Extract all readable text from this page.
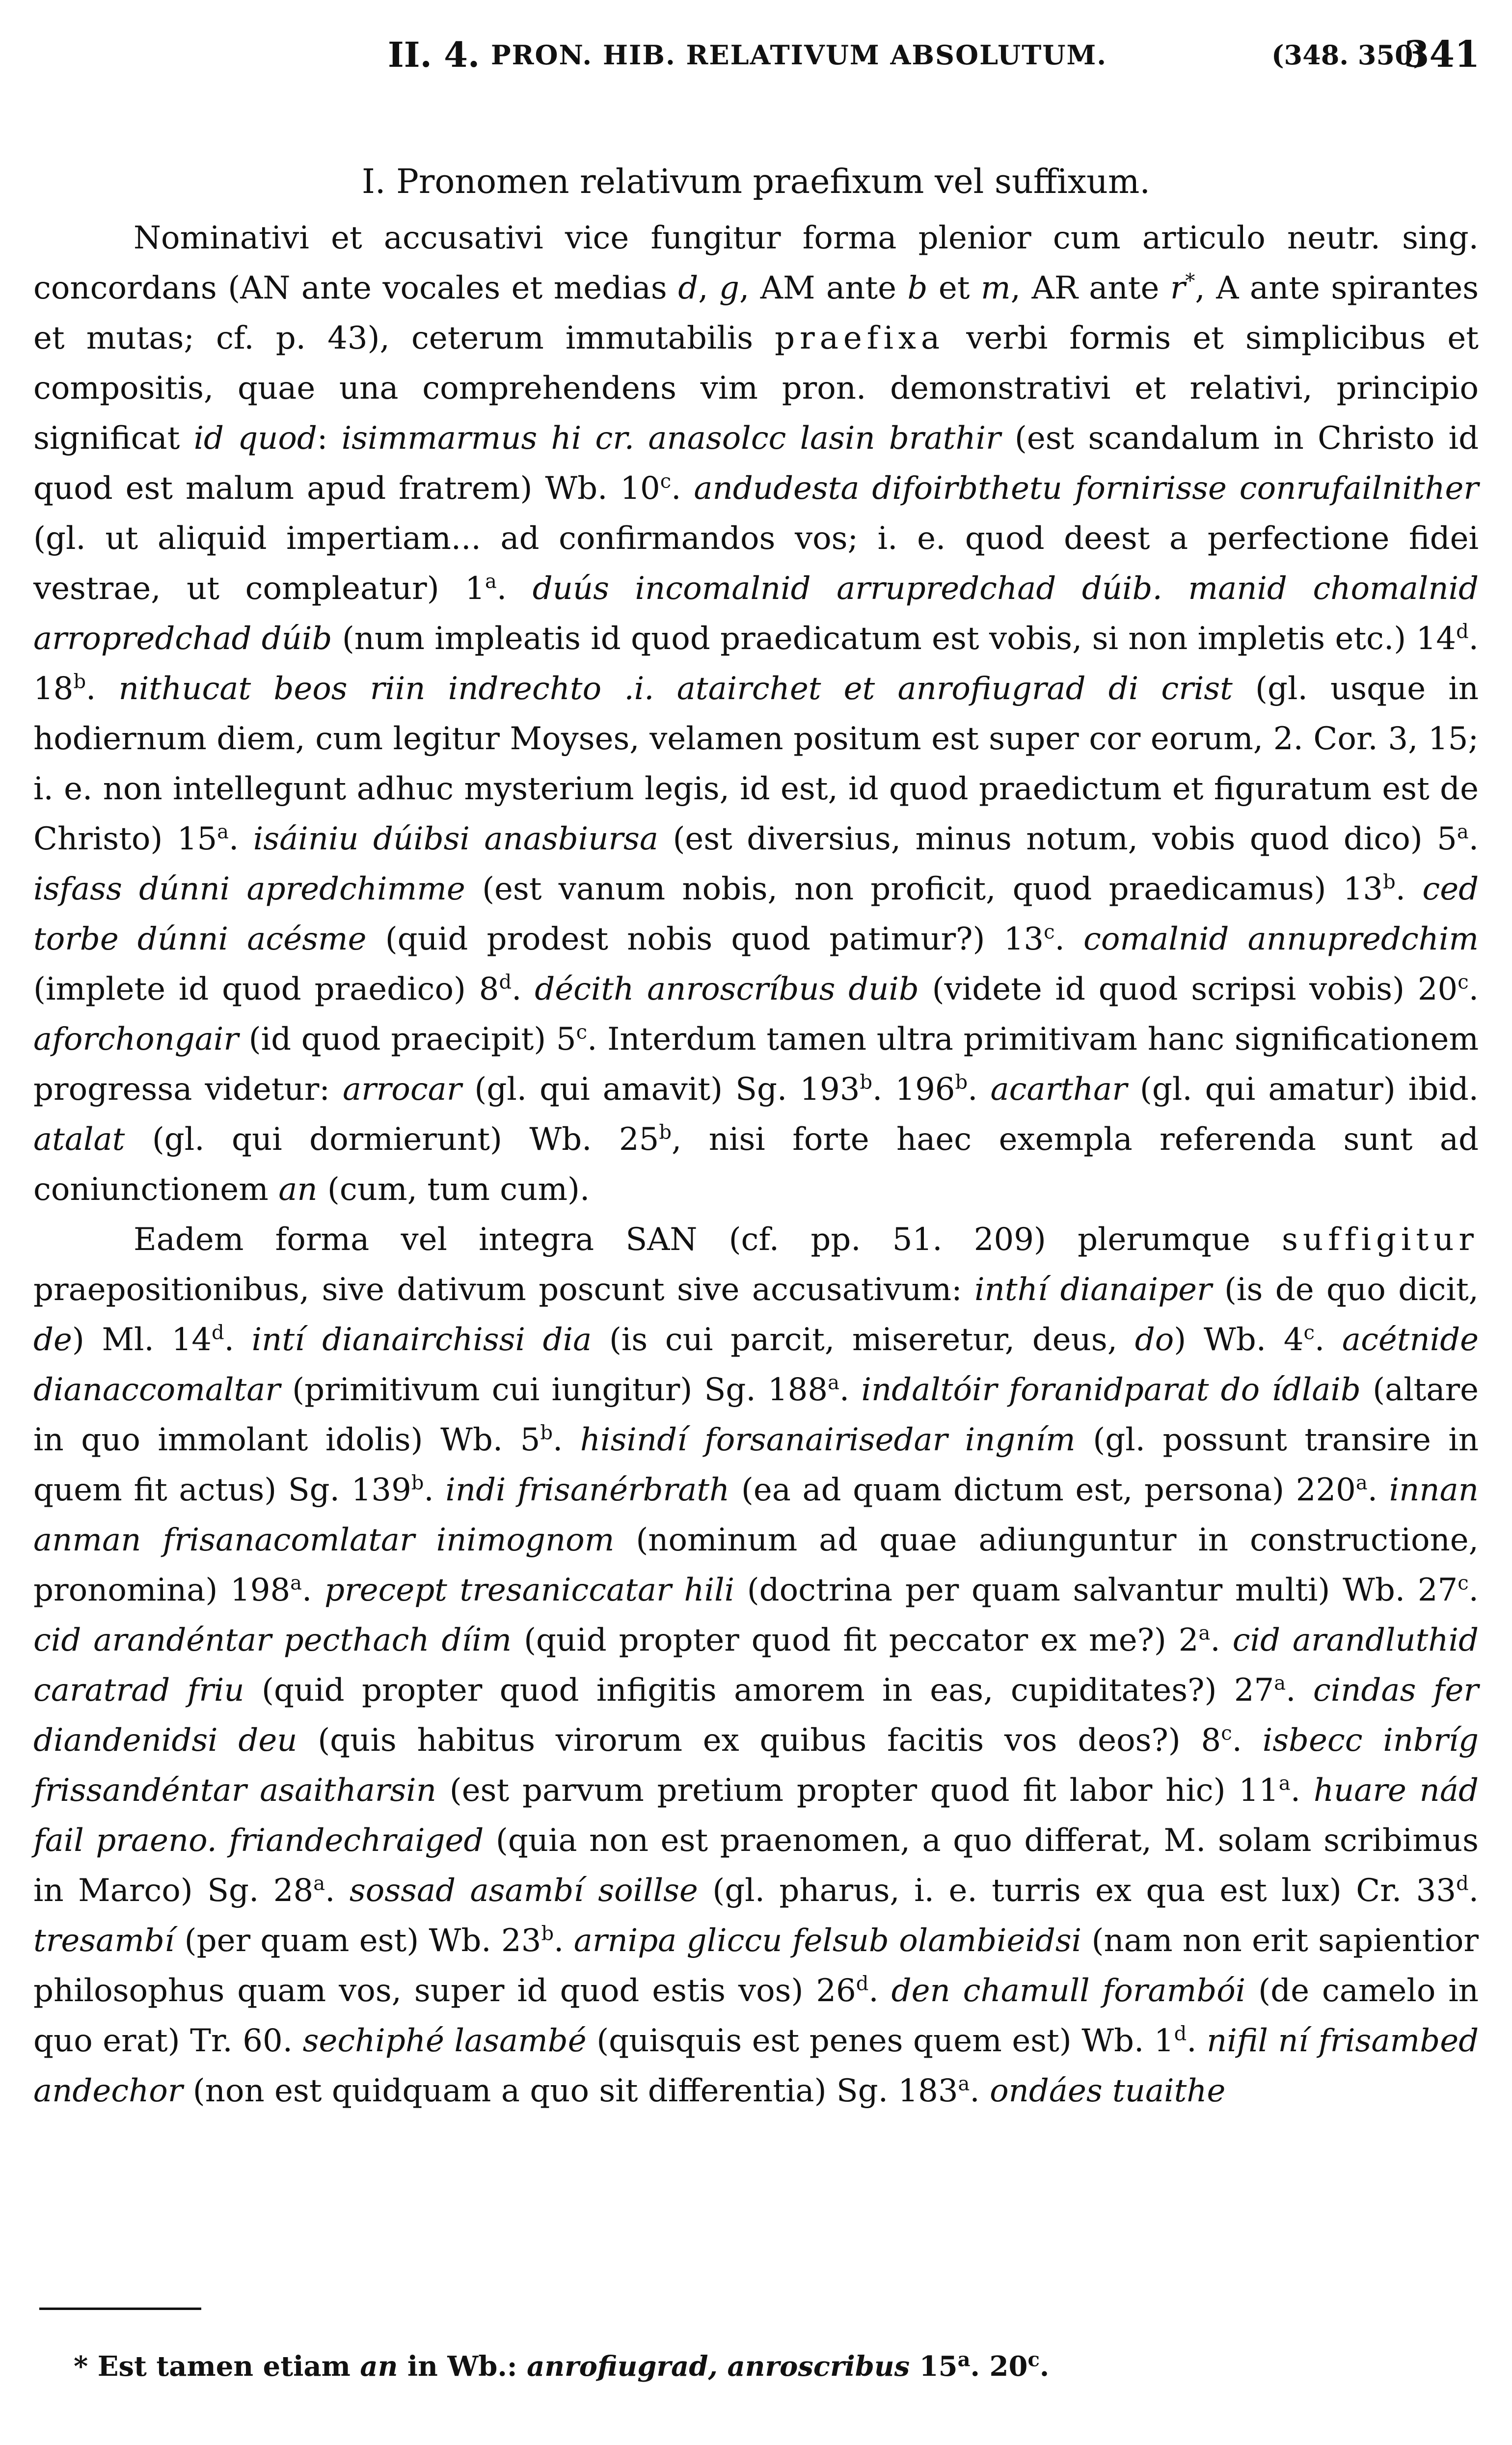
II. 4. PRON. HIB. RELATIVUM ABSOLUTUM.	(348. 350)
341
I. Pronomen relativum praefixum vel suffixum.

Nominativi et accusativi vice fungitur forma plenior cum articulo neutr. sing. concordans (AN ante vocales et medias d, g, AM ante b et m, AR ante r*, A ante spirantes et mutas; cf. p. 43), ceterum immutabilis praefixa verbi formis et simplicibus et compositis, quae una comprehendens vim pron. demonstrativi et relativi, principio significat id quod: isimmarmus hi cr. anasolcc lasin brathir (est scandalum in Christo id quod est malum apud fratrem) Wb. 10$^c$. andudesta difoirbthetu fornirisse conrufailnither (gl. ut aliquid impertiam... ad confirmandos vos; i. e. quod deest a perfectione fidei vestrae, ut compleatur) 1$^a$. duús incomalnid arrupredchad dúib. manid chomalnid arropredchad dúib (num impleatis id quod praedicatum est vobis, si non impletis etc.) 14$^d$. 18$^b$. nithucat beos riin indrechto .i. atairchet et anrofiugrad di crist (gl. usque in hodiernum diem, cum legitur Moyses, velamen positum est super cor eorum, 2. Cor. 3, 15; i. e. non intellegunt adhuc mysterium legis, id est, id quod praedictum et figuratum est de Christo) 15$^a$. isáiniu dúibsi anasbiursa (est diversius, minus notum, vobis quod dico) 5$^a$. isfass dúnni apredchimme (est vanum nobis, non proficit, quod praedicamus) 13$^b$. ced torbe dúnni acésme (quid prodest nobis quod patimur?) 13$^c$. comalnid annupredchim (implete id quod praedico) 8$^d$. décith anroscríbus duib (videte id quod scripsi vobis) 20$^c$. aforchongair (id quod praecipit) 5$^c$. Interdum tamen ultra primitivam hanc significationem progressa videtur: arrocar (gl. qui amavit) Sg. 193$^b$. 196$^b$. acarthar (gl. qui amatur) ibid. atalat (gl. qui dormierunt) Wb. 25$^b$, nisi forte haec exempla referenda sunt ad coniunctionem an (cum, tum cum).

Eadem forma vel integra SAN (cf. pp. 51. 209) plerumque suffigitur praepositionibus, sive dativum poscunt sive accusativum: inthí dianaiper (is de quo dicit, de) Ml. 14$^d$. intí dianairchissi dia (is cui parcit, miseretur, deus, do) Wb. 4$^c$. acétnide dianaccomaltar (primitivum cui iungitur) Sg. 188$^a$. indaltóir foranidparat do ídlaib (altare in quo immolant idolis) Wb. 5$^b$. hisindí forsanairisedar ingním (gl. possunt transire in quem fit actus) Sg. 139$^b$. indi frisanérbrath (ea ad quam dictum est, persona) 220$^a$. innan anman frisanacomlatar inimognom (nominum ad quae adiunguntur in constructione, pronomina) 198$^a$. precept tresaniccatar hili (doctrina per quam salvantur multi) Wb. 27$^c$. cid arandéntar pecthach díim (quid propter quod fit peccator ex me?) 2$^a$. cid arandluthid caratrad friu (quid propter quod infigitis amorem in eas, cupiditates?) 27$^a$. cindas fer diandenidsi deu (quis habitus virorum ex quibus facitis vos deos?) 8$^c$. isbecc inbríg frissandéntar asaitharsin (est parvum pretium propter quod fit labor hic) 11$^a$. huare nád fail praeno. friandechraiged (quia non est praenomen, a quo differat, M. solam scribimus in Marco) Sg. 28$^a$. sossad asambí soillse (gl. pharus, i. e. turris ex qua est lux) Cr. 33$^d$. tresambí (per quam est) Wb. 23$^b$. arnipa gliccu felsub olambieidsi (nam non erit sapientior philosophus quam vos, super id quod estis vos) 26$^d$. den chamull forambói (de camelo in quo erat) Tr. 60. sechiphé lasambé (quisquis est penes quem est) Wb. 1$^d$. nifil ní frisambed andechor (non est quidquam a quo sit differentia) Sg. 183$^a$. ondáes tuaithe

* Est tamen etiam an in Wb.: anrofiugrad, anroscribus 15$^a$. 20$^c$.
